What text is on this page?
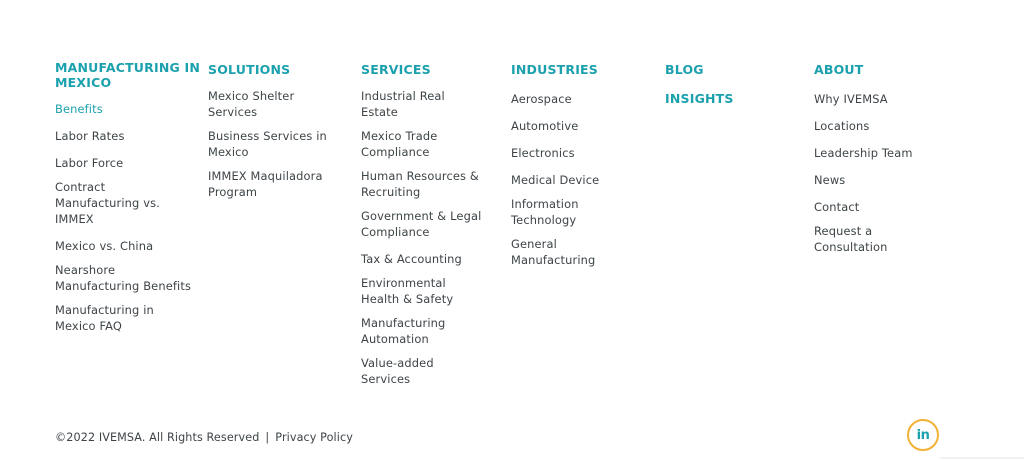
MANUFACTURING IN
MEXICO
Benefits
Labor Rates
Labor Force
Contract
Manufacturing vs.
IMMEX
Mexico vs. China
Nearshore
Manufacturing Benefits
Manufacturing in
Mexico FAQ
SOLUTIONS
Mexico Shelter
Services
Business Services in
Mexico
IMMEX Maquiladora
Program
SERVICES
Industrial Real
Estate
Mexico Trade
Compliance
Human Resources &
Recruiting
Government & Legal
Compliance
Tax & Accounting
Environmental
Health & Safety
Manufacturing
Automation
Value-added
Services
INDUSTRIES
Aerospace
Automotive
Electronics
Medical Device
Information
Technology
General
Manufacturing
BLOG
INSIGHTS
ABOUT
Why IVEMSA
Locations
Leadership Team
News
Contact
Request a
Consultation
©2022 IVEMSA. All Rights Reserved | Privacy Policy	in
